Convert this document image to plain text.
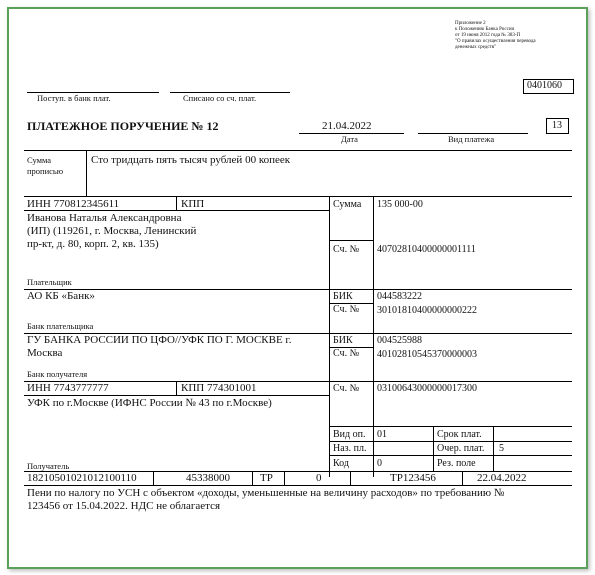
Приложение 2
к Положению Банка России
от 19 июня 2012 года № 383-П
"О правилах осуществления перевода
денежных средств"
0401060
Поступ. в банк плат.	Списано со сч. плат.
ПЛАТЕЖНОЕ ПОРУЧЕНИЕ № 12	21.04.2022
Дата	Вид платежа
13
Сумма прописью
Сто тридцать пять тысяч рублей 00 копеек
ИНН 770812345611	КПП	Сумма 135 000-00
Иванова Наталья Александровна
(ИП) (119261, г. Москва, Ленинский
пр-кт, д. 80, корп. 2, кв. 135)	Сч. № 40702810400000001111
Плательщик
АО КБ «Банк»	БИК 044583222
Сч. № 30101810400000000222
Банк плательщика
ГУ БАНКА РОССИИ ПО ЦФО//УФК ПО Г. МОСКВЕ г.
Москва
БИК 004525988
Сч. № 40102810545370000003
Банк получателя
ИНН 7743777777	КПП 774301001	Сч. № 03100643000000017300
УФК по г.Москве (ИФНС России № 43 по г.Москве)
Вид оп. 01	Срок плат.
Наз. пл.	Очер. плат. 5
Код	0	Рез. поле
Получатель
18210501021012100110	45338000	ТР	0	ТР123456	22.04.2022
Пени по налогу по УСН с объектом «доходы, уменьшенные на величину расходов» по требованию №
123456 от 15.04.2022. НДС не облагается
